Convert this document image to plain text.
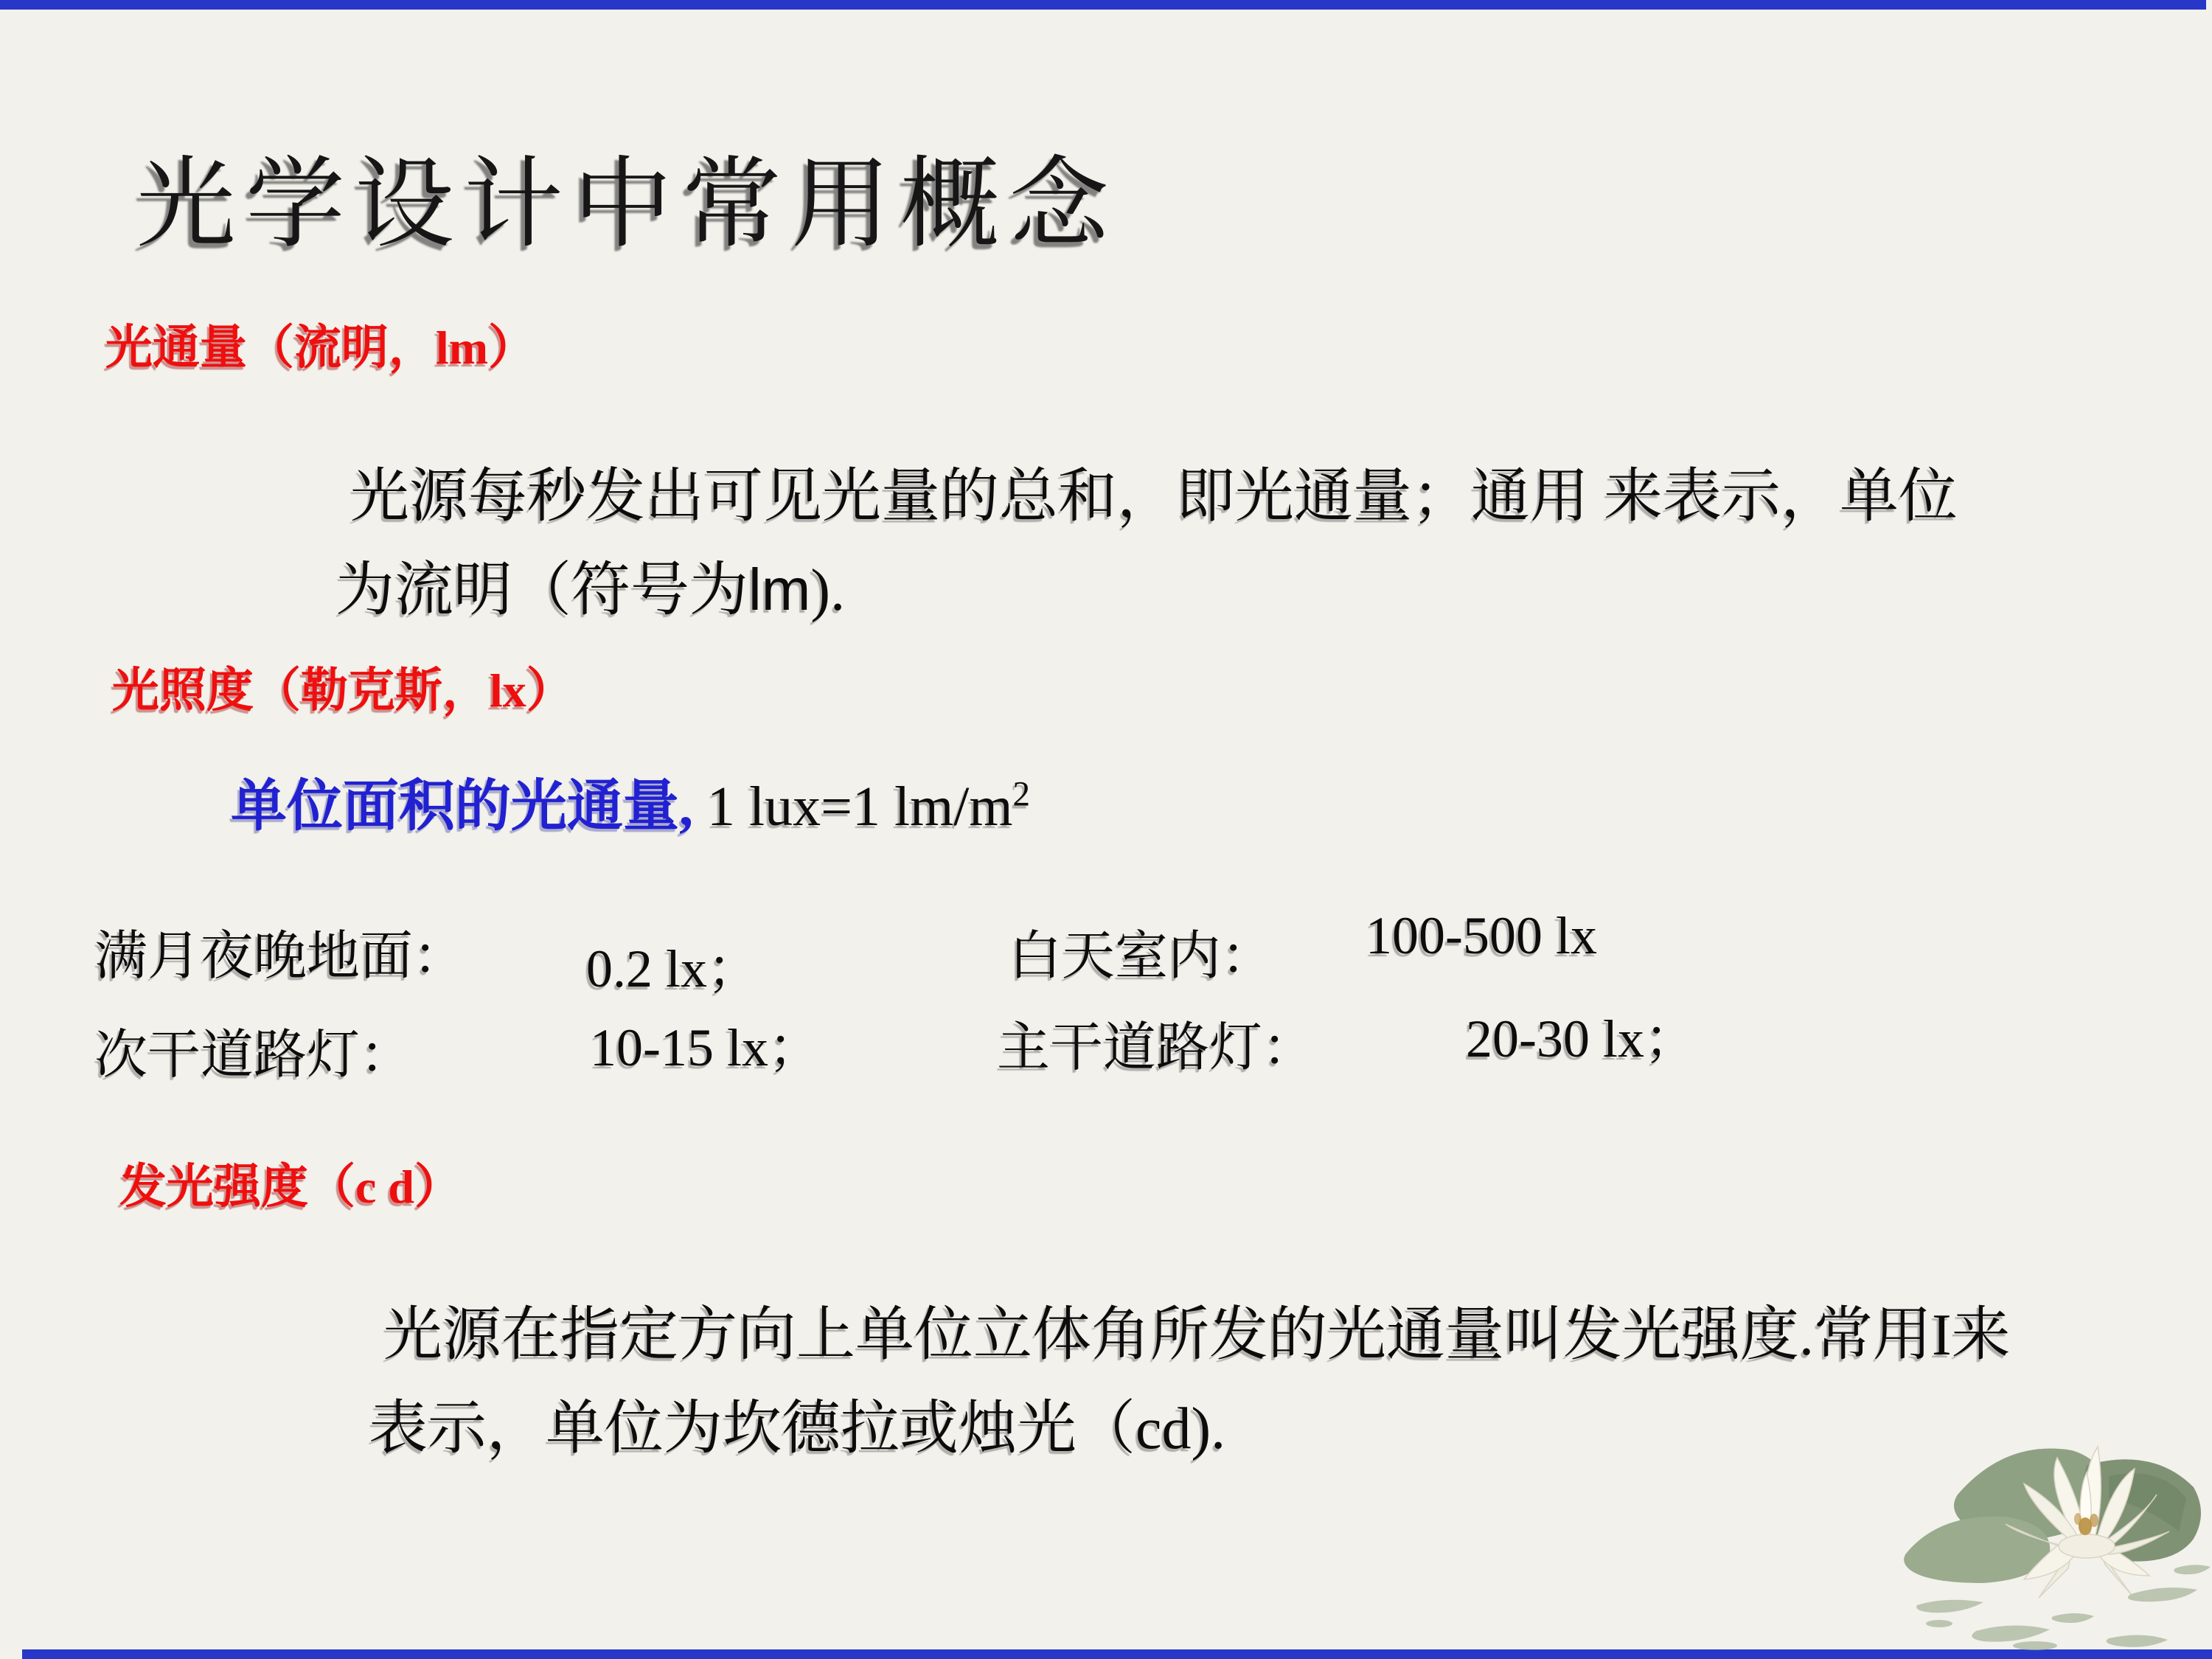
光学设计中常用概念
光通量（流明，lm）
光源每秒发出可见光量的总和，即光通量；通用 来表示，单位
为流明（符号为lm).
光照度（勒克斯，lx）
单位面积的光通量, 1 lux=1 $lm/m^2$
满月夜晚地面： 0.2 lx；	白天室内： 100-500 lx
次干道路灯：	10-15 lx；	主干道路灯：	20-30 lx；
发光强度（c d）
光源在指定方向上单位立体角所发的光通量叫发光强度.常用I来
表示，单位为坎德拉或烛光（cd).
